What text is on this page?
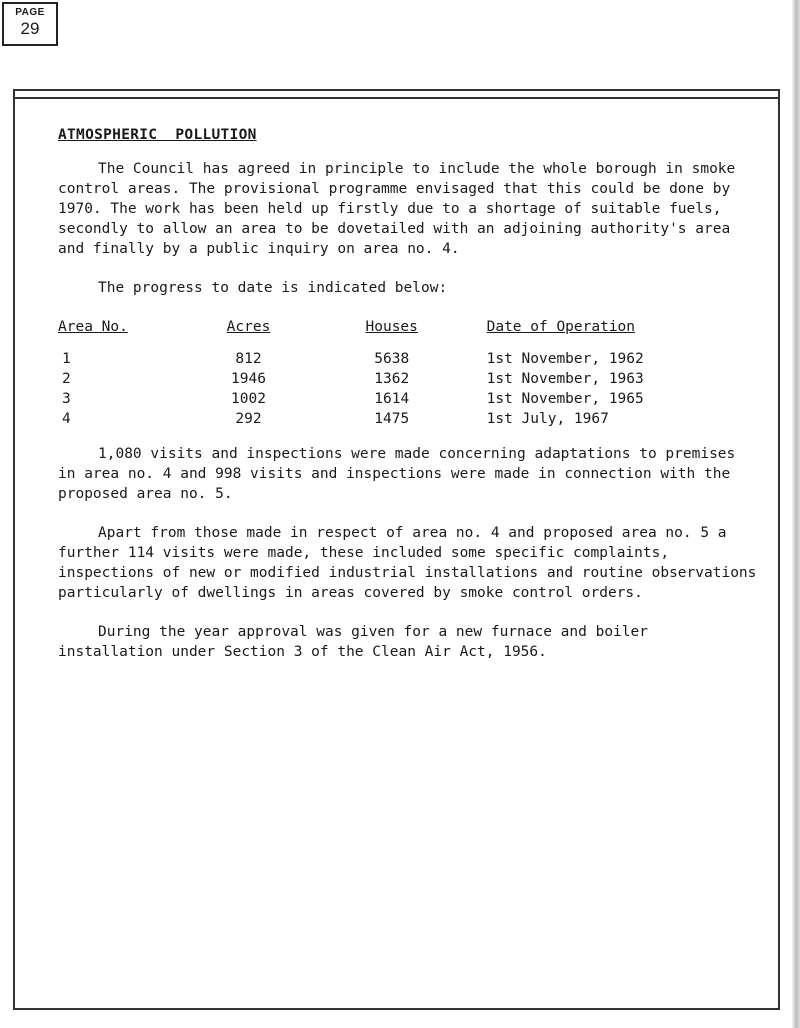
PAGE
29
ATMOSPHERIC  POLLUTION

The Council has agreed in principle to include the whole borough in smoke control areas. The provisional programme envisaged that this could be done by 1970. The work has been held up firstly due to a shortage of suitable fuels, secondly to allow an area to be dovetailed with an adjoining authority's area and finally by a public inquiry on area no. 4.

The progress to date is indicated below:

Area No.	Acres	Houses	Date of Operation
1	812	5638	1st November, 1962
2	1946	1362	1st November, 1963
3	1002	1614	1st November, 1965
4	292	1475	1st July, 1967

1,080 visits and inspections were made concerning adaptations to premises in area no. 4 and 998 visits and inspections were made in connection with the proposed area no. 5.

Apart from those made in respect of area no. 4 and proposed area no. 5 a further 114 visits were made, these included some specific complaints, inspections of new or modified industrial installations and routine observations particularly of dwellings in areas covered by smoke control orders.

During the year approval was given for a new furnace and boiler installation under Section 3 of the Clean Air Act, 1956.
